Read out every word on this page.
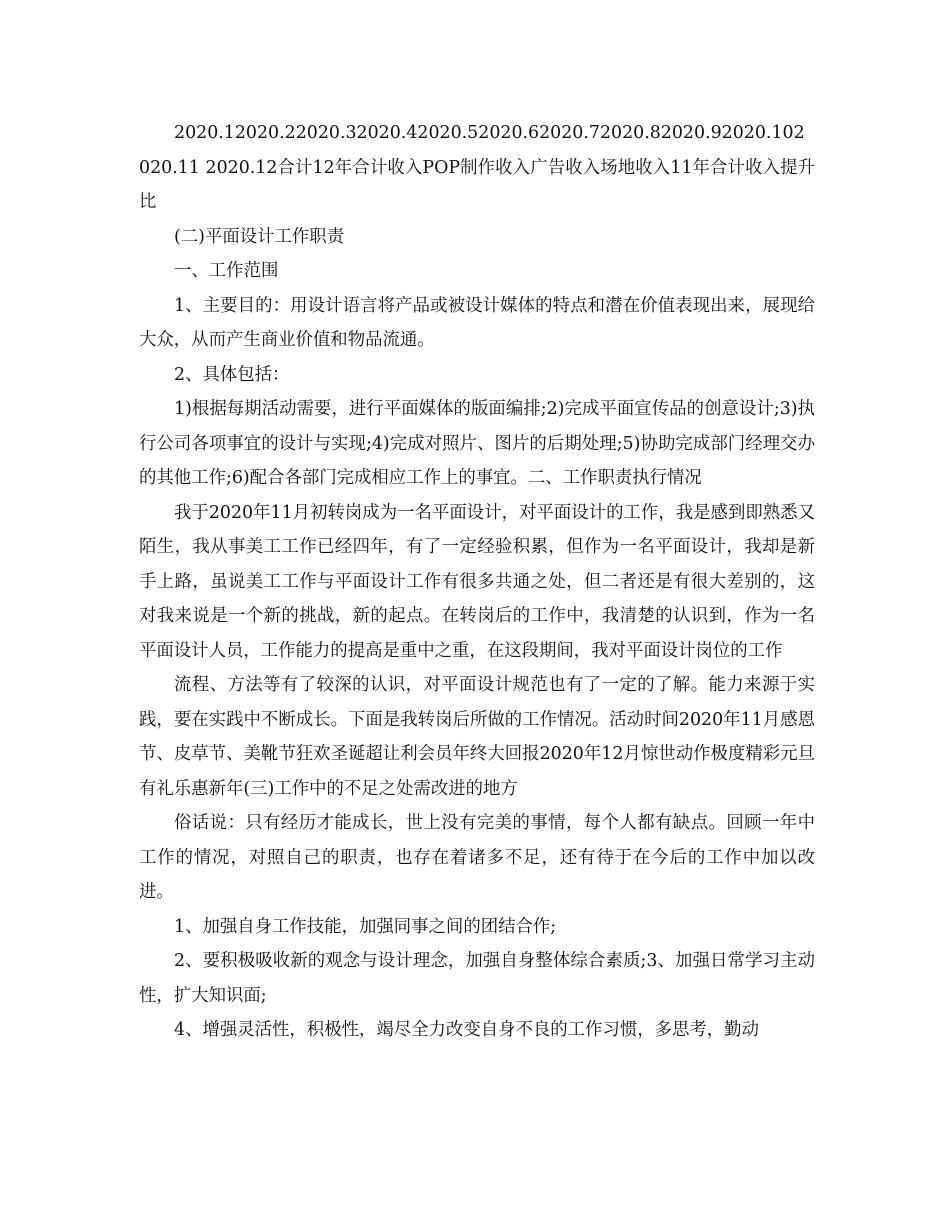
2020.12020.22020.32020.42020.52020.62020.72020.82020.92020.102020.11 2020.12合计12年合计收入POP制作收入广告收入场地收入11年合计收入提升比

(二)平面设计工作职责

一、工作范围

1、主要目的：用设计语言将产品或被设计媒体的特点和潜在价值表现出来，展现给大众，从而产生商业价值和物品流通。

2、具体包括：

1)根据每期活动需要，进行平面媒体的版面编排;2)完成平面宣传品的创意设计;3)执行公司各项事宜的设计与实现;4)完成对照片、图片的后期处理;5)协助完成部门经理交办的其他工作;6)配合各部门完成相应工作上的事宜。二、工作职责执行情况

我于2020年11月初转岗成为一名平面设计，对平面设计的工作，我是感到即熟悉又陌生，我从事美工工作已经四年，有了一定经验积累，但作为一名平面设计，我却是新手上路，虽说美工工作与平面设计工作有很多共通之处，但二者还是有很大差别的，这对我来说是一个新的挑战，新的起点。在转岗后的工作中，我清楚的认识到，作为一名平面设计人员，工作能力的提高是重中之重，在这段期间，我对平面设计岗位的工作

流程、方法等有了较深的认识，对平面设计规范也有了一定的了解。能力来源于实践，要在实践中不断成长。下面是我转岗后所做的工作情况。活动时间2020年11月感恩节、皮草节、美靴节狂欢圣诞超让利会员年终大回报2020年12月惊世动作极度精彩元旦有礼乐惠新年(三)工作中的不足之处需改进的地方

俗话说：只有经历才能成长，世上没有完美的事情，每个人都有缺点。回顾一年中工作的情况，对照自己的职责，也存在着诸多不足，还有待于在今后的工作中加以改进。

1、加强自身工作技能，加强同事之间的团结合作;

2、要积极吸收新的观念与设计理念，加强自身整体综合素质;3、加强日常学习主动性，扩大知识面;

4、增强灵活性，积极性，竭尽全力改变自身不良的工作习惯，多思考，勤动
